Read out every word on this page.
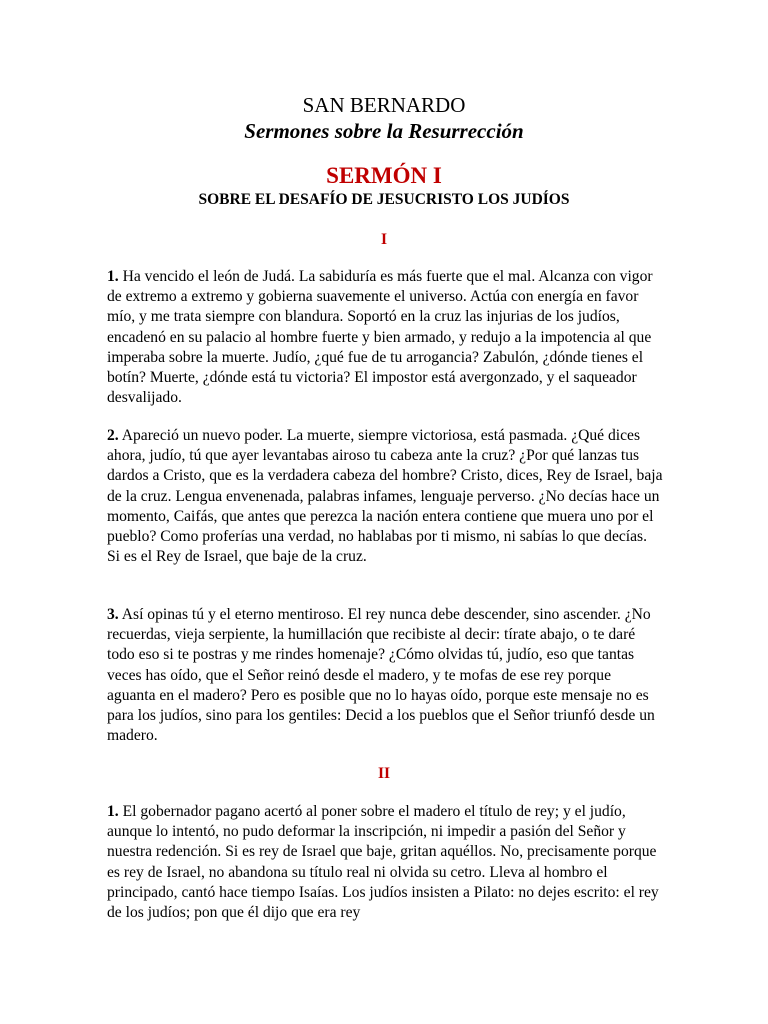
SAN BERNARDO
Sermones sobre la Resurrección
SERMÓN I
SOBRE EL DESAFÍO DE JESUCRISTO LOS JUDÍOS
I

1. Ha vencido el león de Judá. La sabiduría es más fuerte que el mal. Alcanza con vigor de extremo a extremo y gobierna suavemente el universo. Actúa con energía en favor mío, y me trata siempre con blandura. Soportó en la cruz las injurias de los judíos, encadenó en su palacio al hombre fuerte y bien armado, y redujo a la impotencia al que imperaba sobre la muerte. Judío, ¿qué fue de tu arrogancia? Zabulón, ¿dónde tienes el botín? Muerte, ¿dónde está tu victoria? El impostor está avergonzado, y el saqueador desvalijado.

2. Apareció un nuevo poder. La muerte, siempre victoriosa, está pasmada. ¿Qué dices ahora, judío, tú que ayer levantabas airoso tu cabeza ante la cruz? ¿Por qué lanzas tus dardos a Cristo, que es la verdadera cabeza del hombre? Cristo, dices, Rey de Israel, baja de la cruz. Lengua envenenada, palabras infames, lenguaje perverso. ¿No decías hace un momento, Caifás, que antes que perezca la nación entera contiene que muera uno por el pueblo? Como proferías una verdad, no hablabas por ti mismo, ni sabías lo que decías. Si es el Rey de Israel, que baje de la cruz.

3. Así opinas tú y el eterno mentiroso. El rey nunca debe descender, sino ascender. ¿No recuerdas, vieja serpiente, la humillación que recibiste al decir: tírate abajo, o te daré todo eso si te postras y me rindes homenaje? ¿Cómo olvidas tú, judío, eso que tantas veces has oído, que el Señor reinó desde el madero, y te mofas de ese rey porque aguanta en el madero? Pero es posible que no lo hayas oído, porque este mensaje no es para los judíos, sino para los gentiles: Decid a los pueblos que el Señor triunfó desde un madero.

II

1. El gobernador pagano acertó al poner sobre el madero el título de rey; y el judío, aunque lo intentó, no pudo deformar la inscripción, ni impedir a pasión del Señor y nuestra redención. Si es rey de Israel que baje, gritan aquéllos. No, precisamente porque es rey de Israel, no abandona su título real ni olvida su cetro. Lleva al hombro el principado, cantó hace tiempo Isaías. Los judíos insisten a Pilato: no dejes escrito: el rey de los judíos; pon que él dijo que era rey
